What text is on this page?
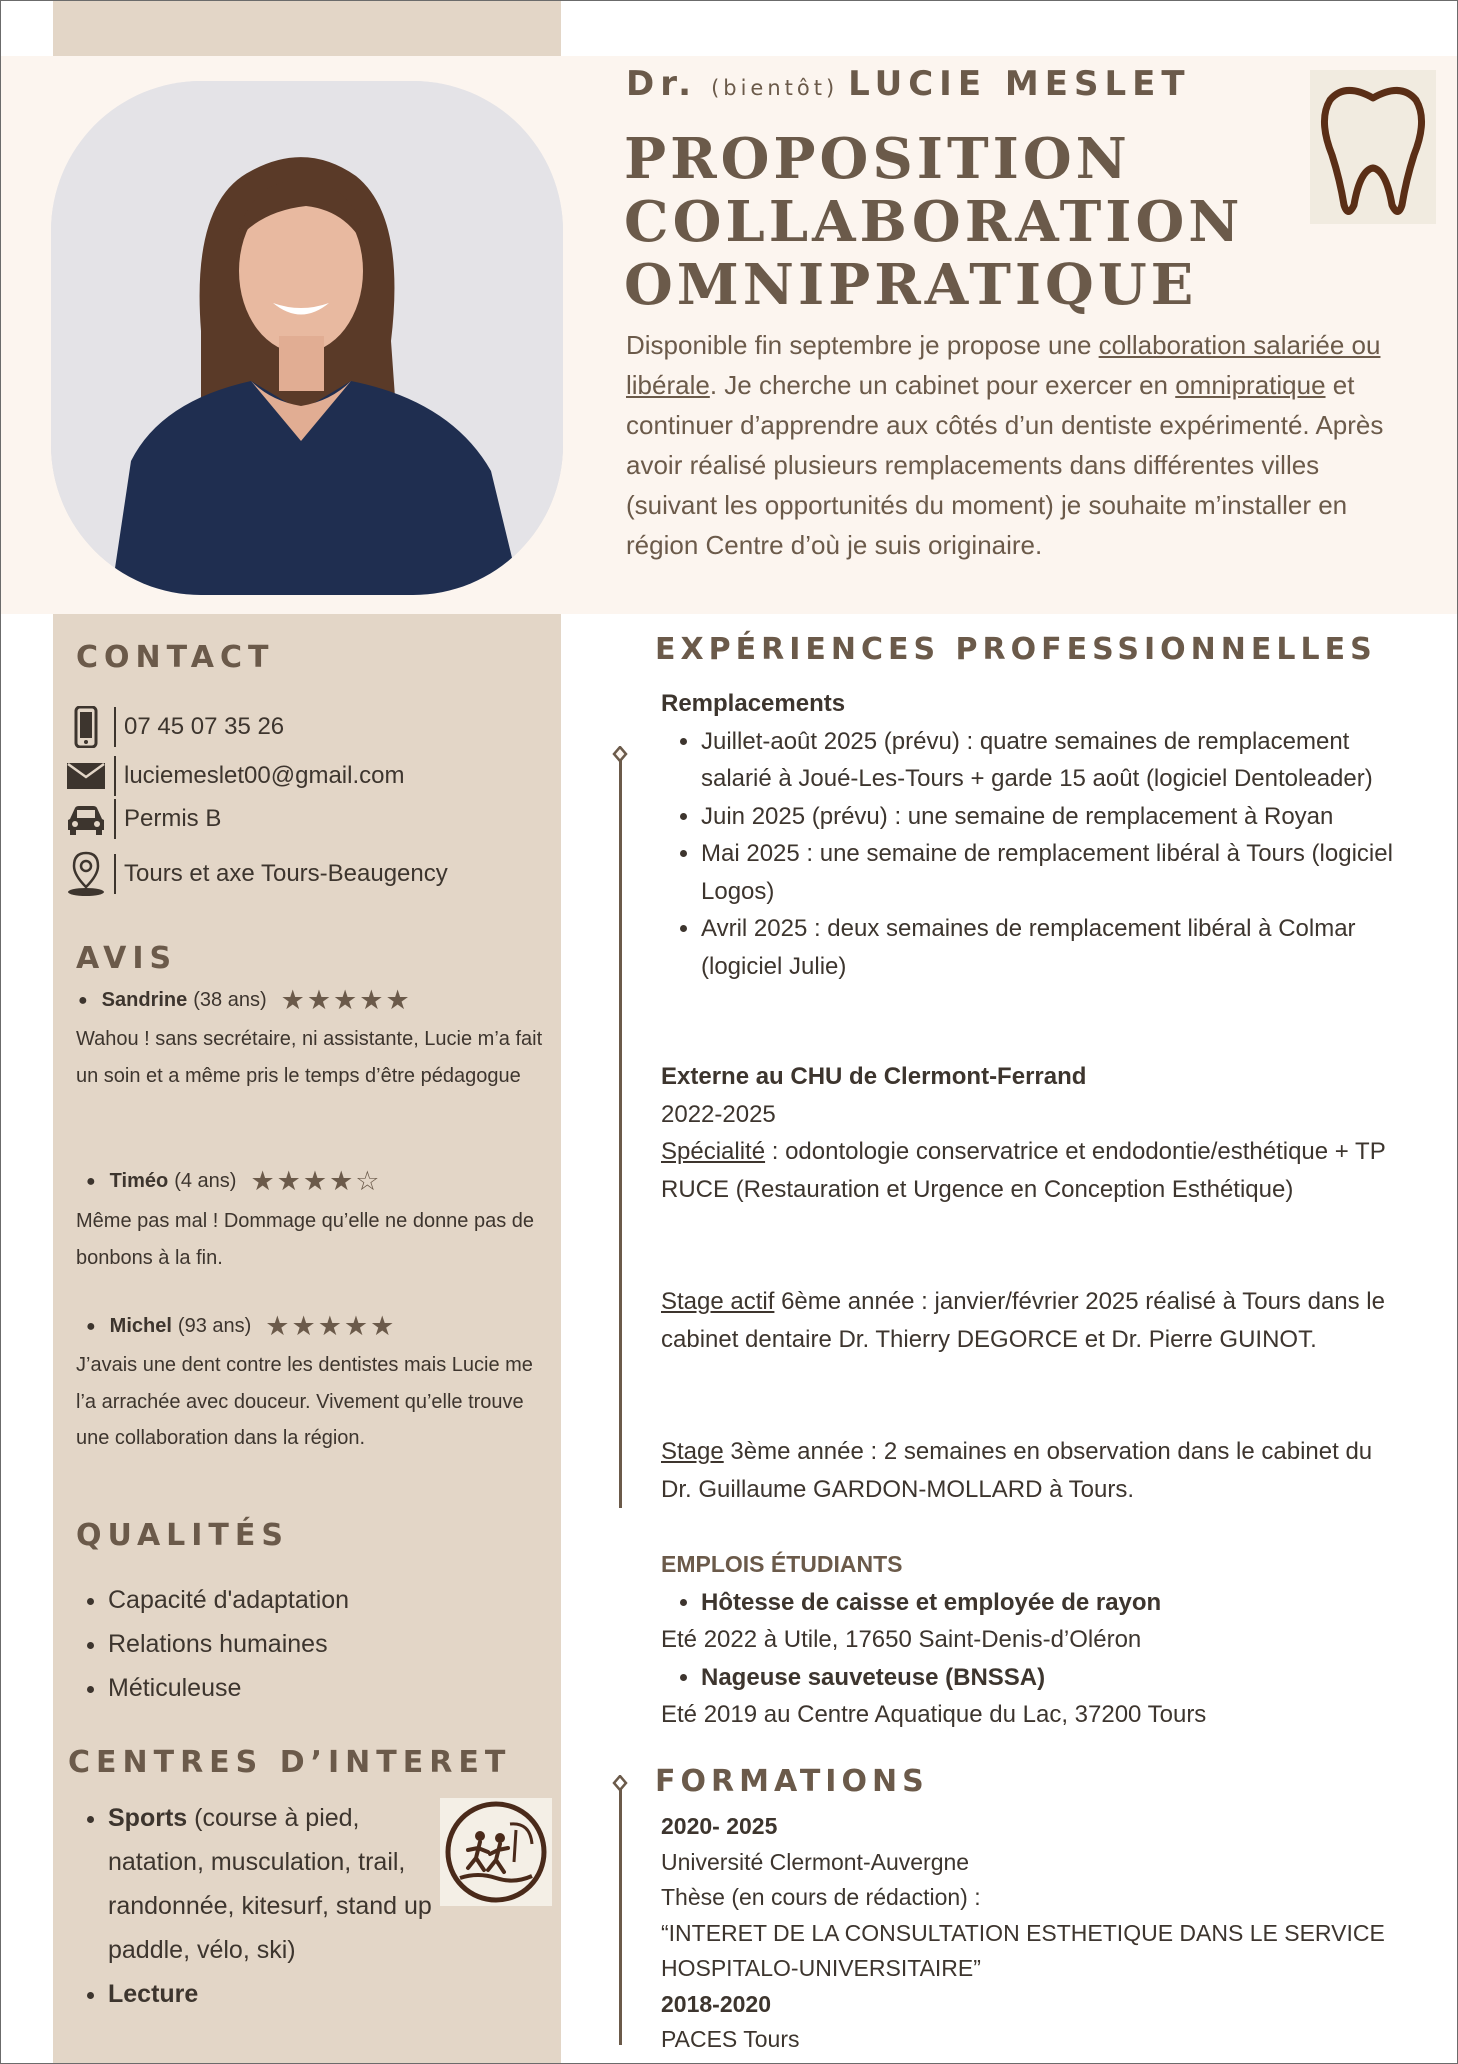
Dr. (bientôt) LUCIE MESLET
PROPOSITION
COLLABORATION
OMNIPRATIQUE
Disponible fin septembre je propose une collaboration salariée ou libérale. Je cherche un cabinet pour exercer en omnipratique et continuer d’apprendre aux côtés d’un dentiste expérimenté. Après avoir réalisé plusieurs remplacements dans différentes villes (suivant les opportunités du moment) je souhaite m’installer en région Centre d’où je suis originaire.
CONTACT
07 45 07 35 26
luciemeslet00@gmail.com
Permis B
Tours et axe Tours-Beaugency
AVIS
● Sandrine (38 ans) ★★★★★
Wahou ! sans secrétaire, ni assistante, Lucie m’a fait un soin et a même pris le temps d’être pédagogue
● Timéo (4 ans) ★★★★☆
Même pas mal ! Dommage qu’elle ne donne pas de bonbons à la fin.
● Michel (93 ans) ★★★★★
J’avais une dent contre les dentistes mais Lucie me l’a arrachée avec douceur. Vivement qu’elle trouve une collaboration dans la région.
QUALITÉS
• Capacité d'adaptation
• Relations humaines
• Méticuleuse
CENTRES D’INTERET
• Sports (course à pied, natation, musculation, trail, randonnée, kitesurf, stand up paddle, vélo, ski)
• Lecture
EXPÉRIENCES PROFESSIONNELLES

Remplacements

• Juillet-août 2025 (prévu) : quatre semaines de remplacement salarié à Joué-Les-Tours + garde 15 août (logiciel Dentoleader)
• Juin 2025 (prévu) : une semaine de remplacement à Royan
• Mai 2025 : une semaine de remplacement libéral à Tours (logiciel Logos)
• Avril 2025 : deux semaines de remplacement libéral à Colmar (logiciel Julie)

Externe au CHU de Clermont-Ferrand

2022-2025

Spécialité : odontologie conservatrice et endodontie/esthétique + TP RUCE (Restauration et Urgence en Conception Esthétique)

Stage actif 6ème année : janvier/février 2025 réalisé à Tours dans le cabinet dentaire Dr. Thierry DEGORCE et Dr. Pierre GUINOT.

Stage 3ème année : 2 semaines en observation dans le cabinet du Dr. Guillaume GARDON-MOLLARD à Tours.

EMPLOIS ÉTUDIANTS

• Hôtesse de caisse et employée de rayon

Eté 2022 à Utile, 17650 Saint-Denis-d’Oléron

• Nageuse sauveteuse (BNSSA)

Eté 2019 au Centre Aquatique du Lac, 37200 Tours

FORMATIONS

2020- 2025

Université Clermont-Auvergne

Thèse (en cours de rédaction) :

“INTERET DE LA CONSULTATION ESTHETIQUE DANS LE SERVICE HOSPITALO-UNIVERSITAIRE”

2018-2020

PACES Tours
